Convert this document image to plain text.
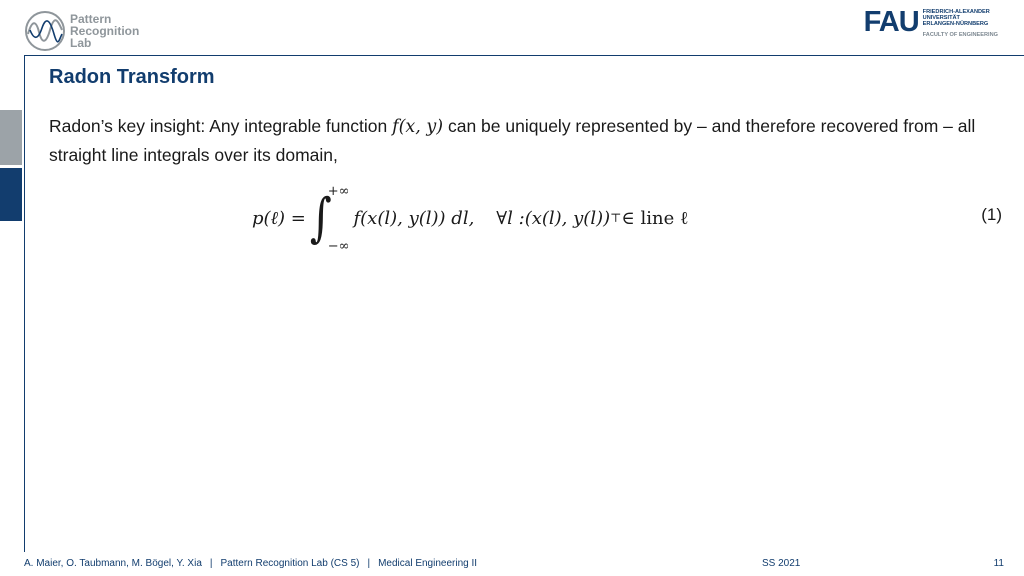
Pattern
Recognition
Lab
FAU FRIEDRICH-ALEXANDER
UNIVERSITÄT
ERLANGEN-NÜRNBERG
FACULTY OF ENGINEERING
Radon Transform

Radon’s key insight: Any integrable function f(x, y) can be uniquely represented by – and therefore recovered from – all straight line integrals over its domain,

p(ℓ) = ∫
+∞
−∞
f(x(l), y(l)) dl, ∀l : (x(l), y(l)) ⊤ ∈ line ℓ	(1)
A. Maier, O. Taubmann, M. Bögel, Y. Xia | Pattern Recognition Lab (CS 5) | Medical Engineering II	SS 2021	11
